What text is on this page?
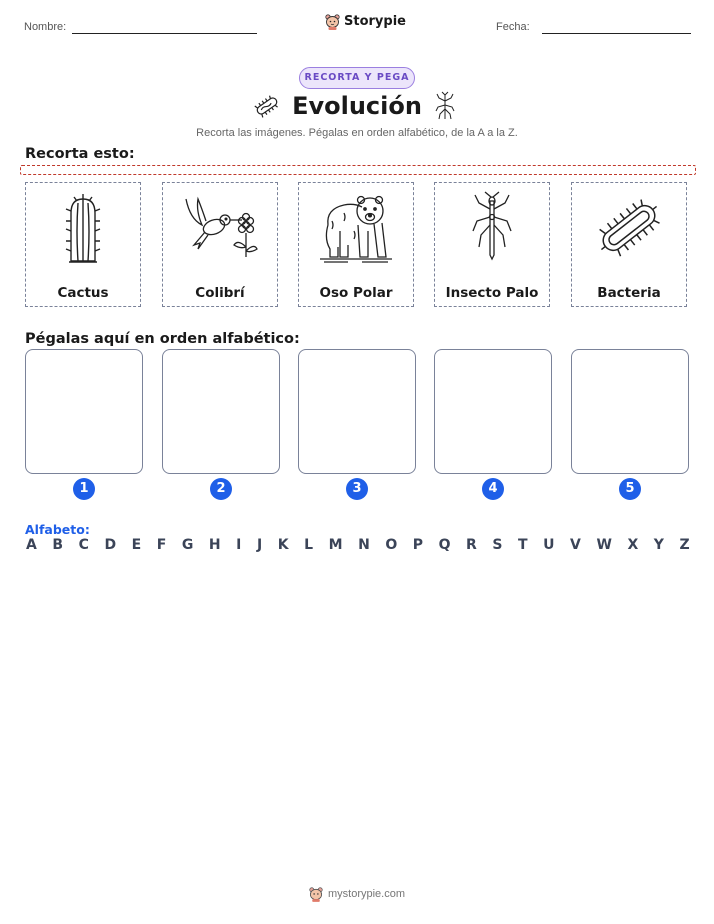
Nombre:	Storypie	Fecha:
RECORTA Y PEGA
Evolución
Recorta las imágenes. Pégalas en orden alfabético, de la A a la Z.
Recorta esto:
Cactus	Colibrí	Oso Polar	Insecto Palo	Bacteria
Pégalas aquí en orden alfabético:
1	2	3	4	5
Alfabeto:
A B C D E F G H I J K L M N O P Q R S T U V W X Y Z
mystorypie.com
